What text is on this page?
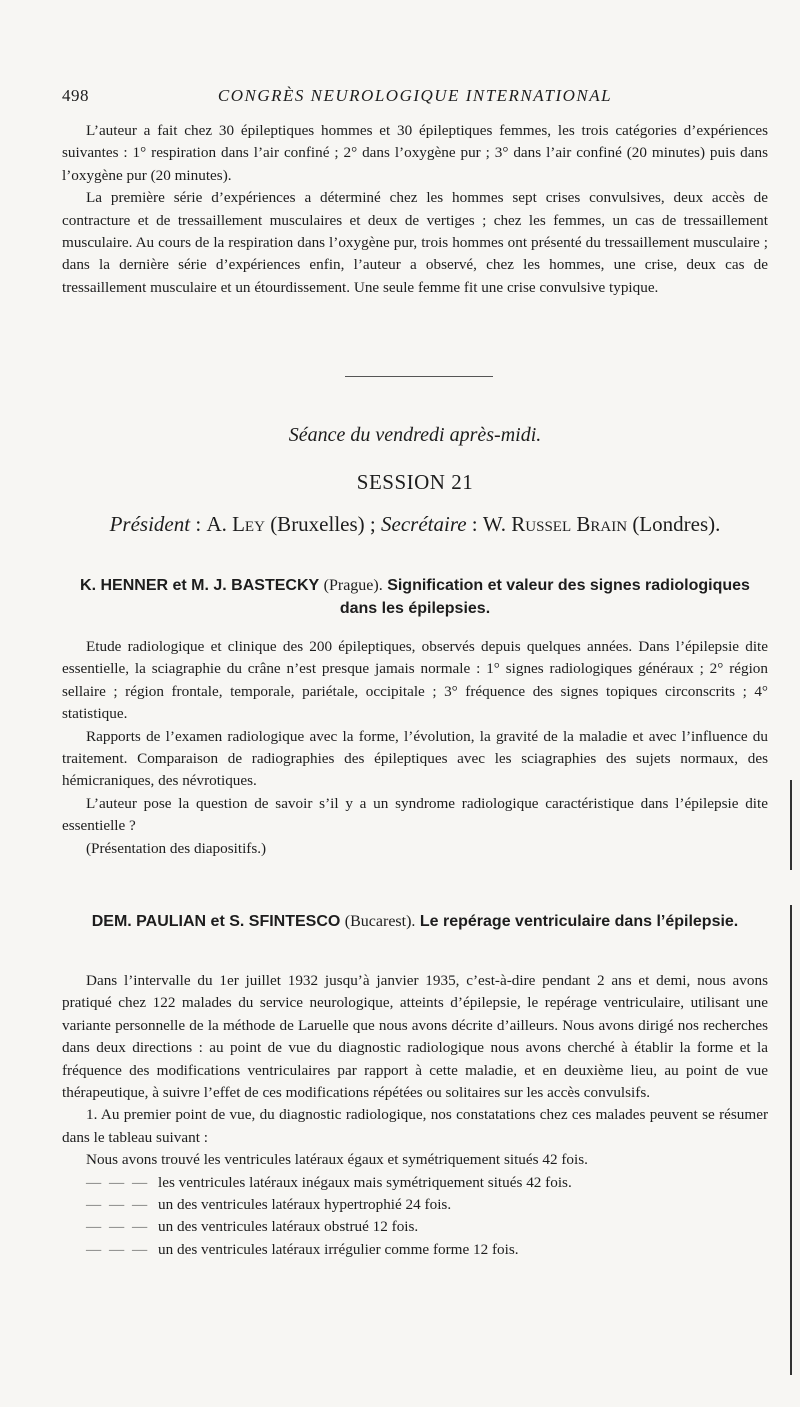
498	CONGRÈS NEUROLOGIQUE INTERNATIONAL

L’auteur a fait chez 30 épileptiques hommes et 30 épileptiques femmes, les trois catégories d’expériences suivantes : 1° respiration dans l’air confiné ; 2° dans l’oxygène pur ; 3° dans l’air confiné (20 minutes) puis dans l’oxygène pur (20 minutes).

La première série d’expériences a déterminé chez les hommes sept crises convulsives, deux accès de contracture et de tressaillement musculaires et deux de vertiges ; chez les femmes, un cas de tressaillement musculaire. Au cours de la respiration dans l’oxygène pur, trois hommes ont présenté du tressaillement musculaire ; dans la dernière série d’expériences enfin, l’auteur a observé, chez les hommes, une crise, deux cas de tressaillement musculaire et un étourdissement. Une seule femme fit une crise convulsive typique.

Séance du vendredi après-midi.
SESSION 21
Président : A. Ley (Bruxelles) ; Secrétaire : W. Russel Brain (Londres).
K. HENNER et M. J. BASTECKY (Prague). Signification et valeur des signes radiologiques dans les épilepsies.

Etude radiologique et clinique des 200 épileptiques, observés depuis quelques années. Dans l’épilepsie dite essentielle, la sciagraphie du crâne n’est presque jamais normale : 1° signes radiologiques généraux ; 2° région sellaire ; région frontale, temporale, pariétale, occipitale ; 3° fréquence des signes topiques circonscrits ; 4° statistique.

Rapports de l’examen radiologique avec la forme, l’évolution, la gravité de la maladie et avec l’influence du traitement. Comparaison de radiographies des épileptiques avec les sciagraphies des sujets normaux, des hémicraniques, des névrotiques.

L’auteur pose la question de savoir s’il y a un syndrome radiologique caractéristique dans l’épilepsie dite essentielle ?

(Présentation des diapositifs.)

DEM. PAULIAN et S. SFINTESCO (Bucarest). Le repérage ventriculaire dans l’épilepsie.

Dans l’intervalle du 1er juillet 1932 jusqu’à janvier 1935, c’est-à-dire pendant 2 ans et demi, nous avons pratiqué chez 122 malades du service neurologique, atteints d’épilepsie, le repérage ventriculaire, utilisant une variante personnelle de la méthode de Laruelle que nous avons décrite d’ailleurs. Nous avons dirigé nos recherches dans deux directions : au point de vue du diagnostic radiologique nous avons cherché à établir la forme et la fréquence des modifications ventriculaires par rapport à cette maladie, et en deuxième lieu, au point de vue thérapeutique, à suivre l’effet de ces modifications répétées ou solitaires sur les accès convulsifs.

1. Au premier point de vue, du diagnostic radiologique, nos constatations chez ces malades peuvent se résumer dans le tableau suivant :

Nous avons trouvé les ventricules latéraux égaux et symétriquement situés 42 fois.

— — — les ventricules latéraux inégaux mais symétriquement situés 42 fois.
— — — un des ventricules latéraux hypertrophié 24 fois.
— — — un des ventricules latéraux obstrué 12 fois.
— — — un des ventricules latéraux irrégulier comme forme 12 fois.
